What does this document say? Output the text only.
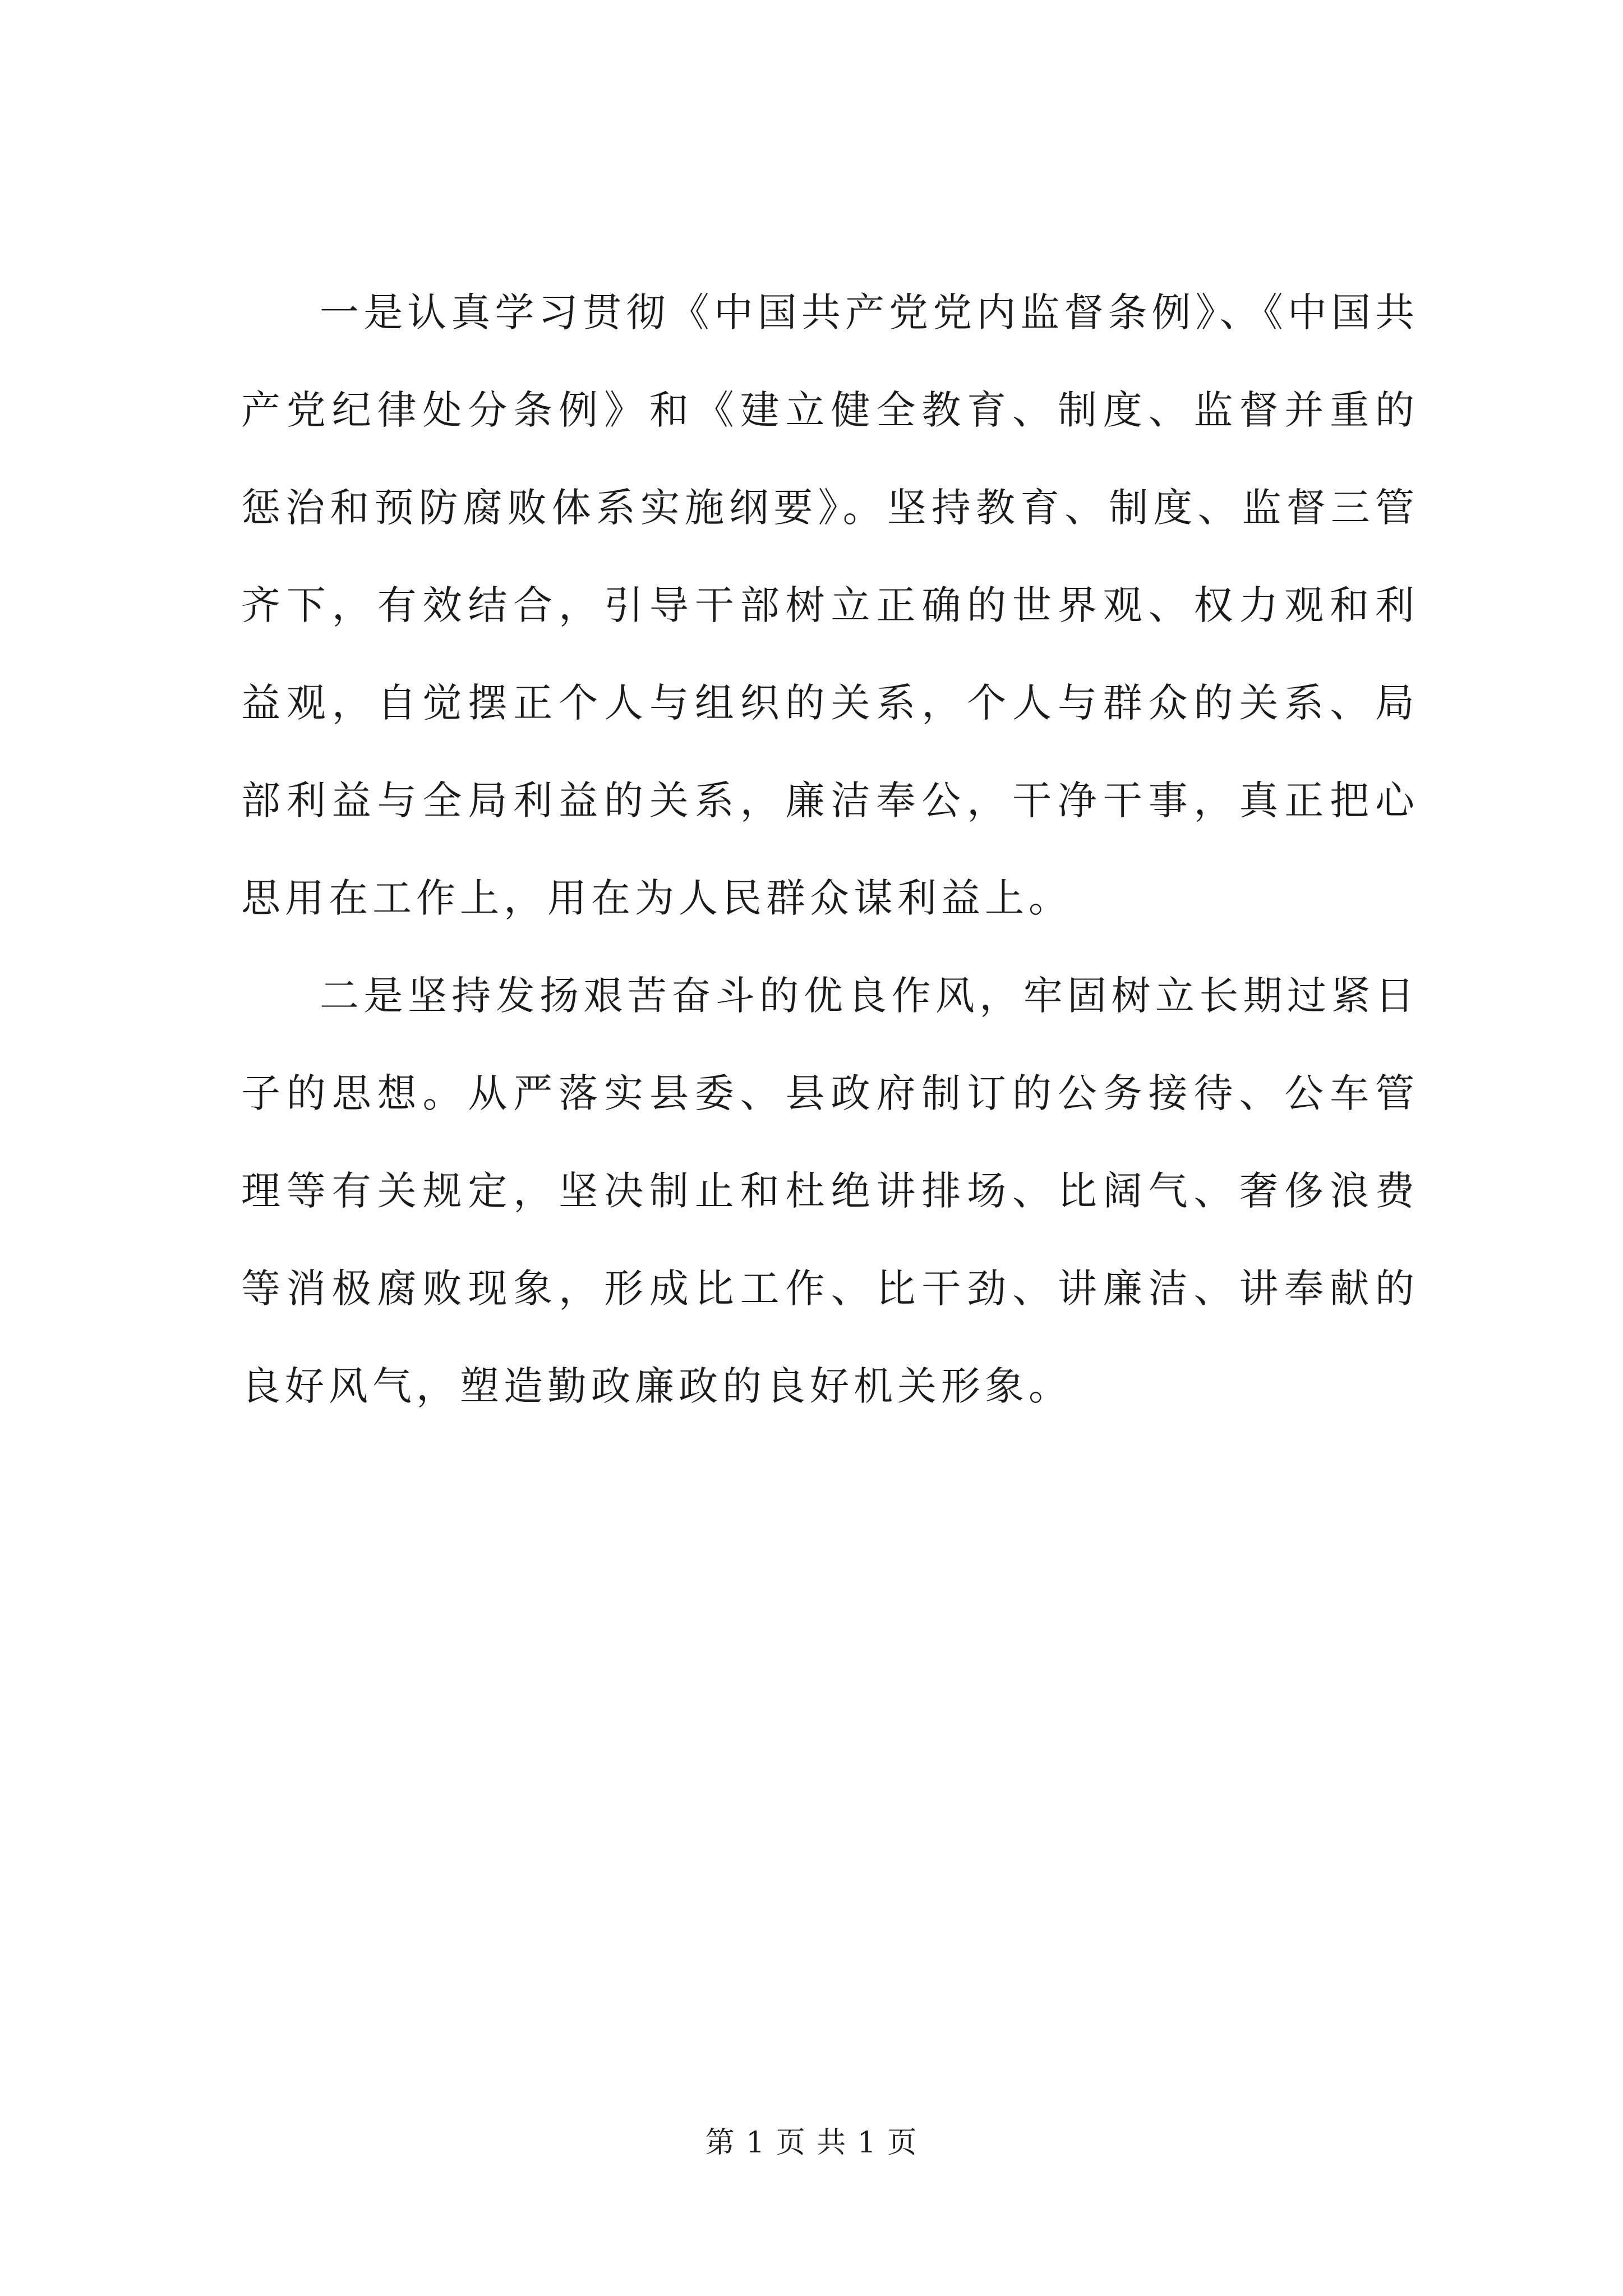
一是认真学习贯彻《中国共产党党内监督条例》、《中国共产党纪律处分条例》和《建立健全教育、制度、监督并重的惩治和预防腐败体系实施纲要》。坚持教育、制度、监督三管齐下，有效结合，引导干部树立正确的世界观、权力观和利益观，自觉摆正个人与组织的关系，个人与群众的关系、局部利益与全局利益的关系，廉洁奉公，干净干事，真正把心思用在工作上，用在为人民群众谋利益上。

二是坚持发扬艰苦奋斗的优良作风，牢固树立长期过紧日子的思想。从严落实县委、县政府制订的公务接待、公车管理等有关规定，坚决制止和杜绝讲排场、比阔气、奢侈浪费等消极腐败现象，形成比工作、比干劲、讲廉洁、讲奉献的良好风气，塑造勤政廉政的良好机关形象。

第 1 页 共 1 页
